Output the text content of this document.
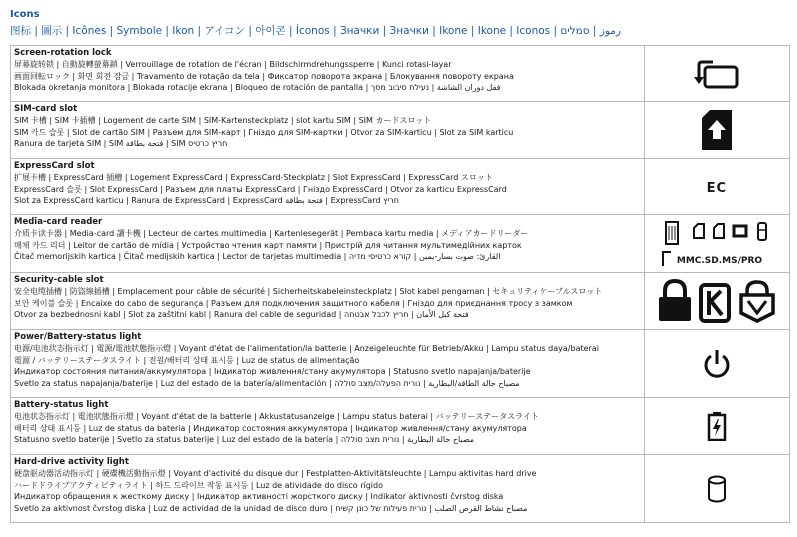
Icons
图标 | 圖示 | Icônes | Symbole | Ikon | アイコン | 아이콘 | Íconos | Значки | Значки | Ikone | Ikone | Iconos | رموز | סמלים
Screen-rotation lock
屏幕旋转锁 | 自動旋轉螢幕鎖 | Verrouillage de rotation de l'écran | Bildschirmdrehungssperre | Kunci rotasi-layar
画面回転ロック | 화면 회전 잠금 | Travamento de rotação da tela | Фиксатор поворота экрана | Блокування повороту екрана
Blokada okretanja monitora | Blokada rotacije ekrana | Bloqueo de rotación de pantalla | قفل دوران الشاشة | נעילת סיבוב מסך

SIM-card slot
SIM 卡槽 | SIM 卡插槽 | Logement de carte SIM | SIM-Kartensteckplatz | slot kartu SIM | SIM カードスロット
SIM 카드 슬롯 | Slot de cartão SIM | Разъем для SIM-карт | Гніздо для SIM-картки | Otvor za SIM-karticu | Slot za SIM karticu
Ranura de tarjeta SIM | SIM فتحة بطاقة | SIM חריץ כרטיס

ExpressCard slot
扩展卡槽 | ExpressCard 插槽 | Logement ExpressCard | ExpressCard-Steckplatz | Slot ExpressCard | ExpressCard スロット
ExpressCard 슬롯 | Slot ExpressCard | Разъем для платы ExpressCard | Гніздо ExpressCard | Otvor za karticu ExpressCard
Slot za ExpressCard karticu | Ranura de ExpressCard | ExpressCard فتحة بطاقة | ExpressCard חריץ	EC

Media-card reader
介质卡读卡器 | Media-card 讀卡機 | Lecteur de cartes multimedia | Kartenlesegerät | Pembaca kartu media | メディアカードリーダー
매체 카드 리더 | Leitor de cartão de mídia | Устройство чтения карт памяти | Пристрій для читання мультимедійних карток
Čitač memorijskih kartica | Čitač medijskih kartica | Lector de tarjetas multimedia | القارئ: صوت بسار-يمين | קורא כרטיסי מדיה	MMC.SD.MS/PRO

Security-cable slot
安全电缆插槽 | 防盜線插槽 | Emplacement pour câble de sécurité | Sicherheitskabeleinsteckplatz | Slot kabel pengaman | セキュリティケーブルスロット
보안 케이블 슬롯 | Encaixe do cabo de segurança | Разъем для подключения защитного кабеля | Гніздо для приєднання тросу з замком
Otvor za bezbednosni kabl | Slot za zaštitni kabl | Ranura del cable de seguridad | فتحة كبل الأمان | חריץ לכבל אבטחה

Power/Battery-status light
电源/电池状态指示灯 | 電源/電池狀態指示燈 | Voyant d'état de l'alimentation/la batterie | Anzeigeleuchte für Betrieb/Akku | Lampu status daya/baterai
電源 / バッテリーステータスライト | 전원/배터리 상태 표시등 | Luz de status de alimentação
Индикатор состояния питания/аккумулятора | Індикатор живлення/стану акумулятора | Statusno svetlo napajanja/baterije
Svetlo za status napajanja/baterije | Luz del estado de la batería/alimentación | مصباح حالة الطاقة/البطارية | נורית הפעלה/מצב סוללה

Battery-status light
电池状态指示灯 | 電池狀態指示燈 | Voyant d'état de la batterie | Akkustatusanzeige | Lampu status baterai | バッテリーステータスライト
배터리 상태 표시등 | Luz de status da bateria | Индикатор состояния аккумулятора | Індикатор живлення/стану акумулятора
Statusno svetlo baterije | Svetlo za status baterije | Luz del estado de la batería | مصباح حالة البطارية | נורית מצב סוללה

Hard-drive activity light
硬盘驱动器活动指示灯 | 硬碟機活動指示燈 | Voyant d'activité du disque dur | Festplatten-Aktivitätsleuchte | Lampu aktivitas hard drive
ハードドライブアクティビティライト | 하드 드라이브 작동 표시등 | Luz de atividade do disco rígido
Индикатор обращения к жесткому диску | Індикатор активності жорсткого диску | Indikator aktivnosti čvrstog diska
Svetlo za aktivnost čvrstog diska | Luz de actividad de la unidad de disco duro | مصباح نشاط القرص الصلب | נורית פעילות של כונן קשיח
